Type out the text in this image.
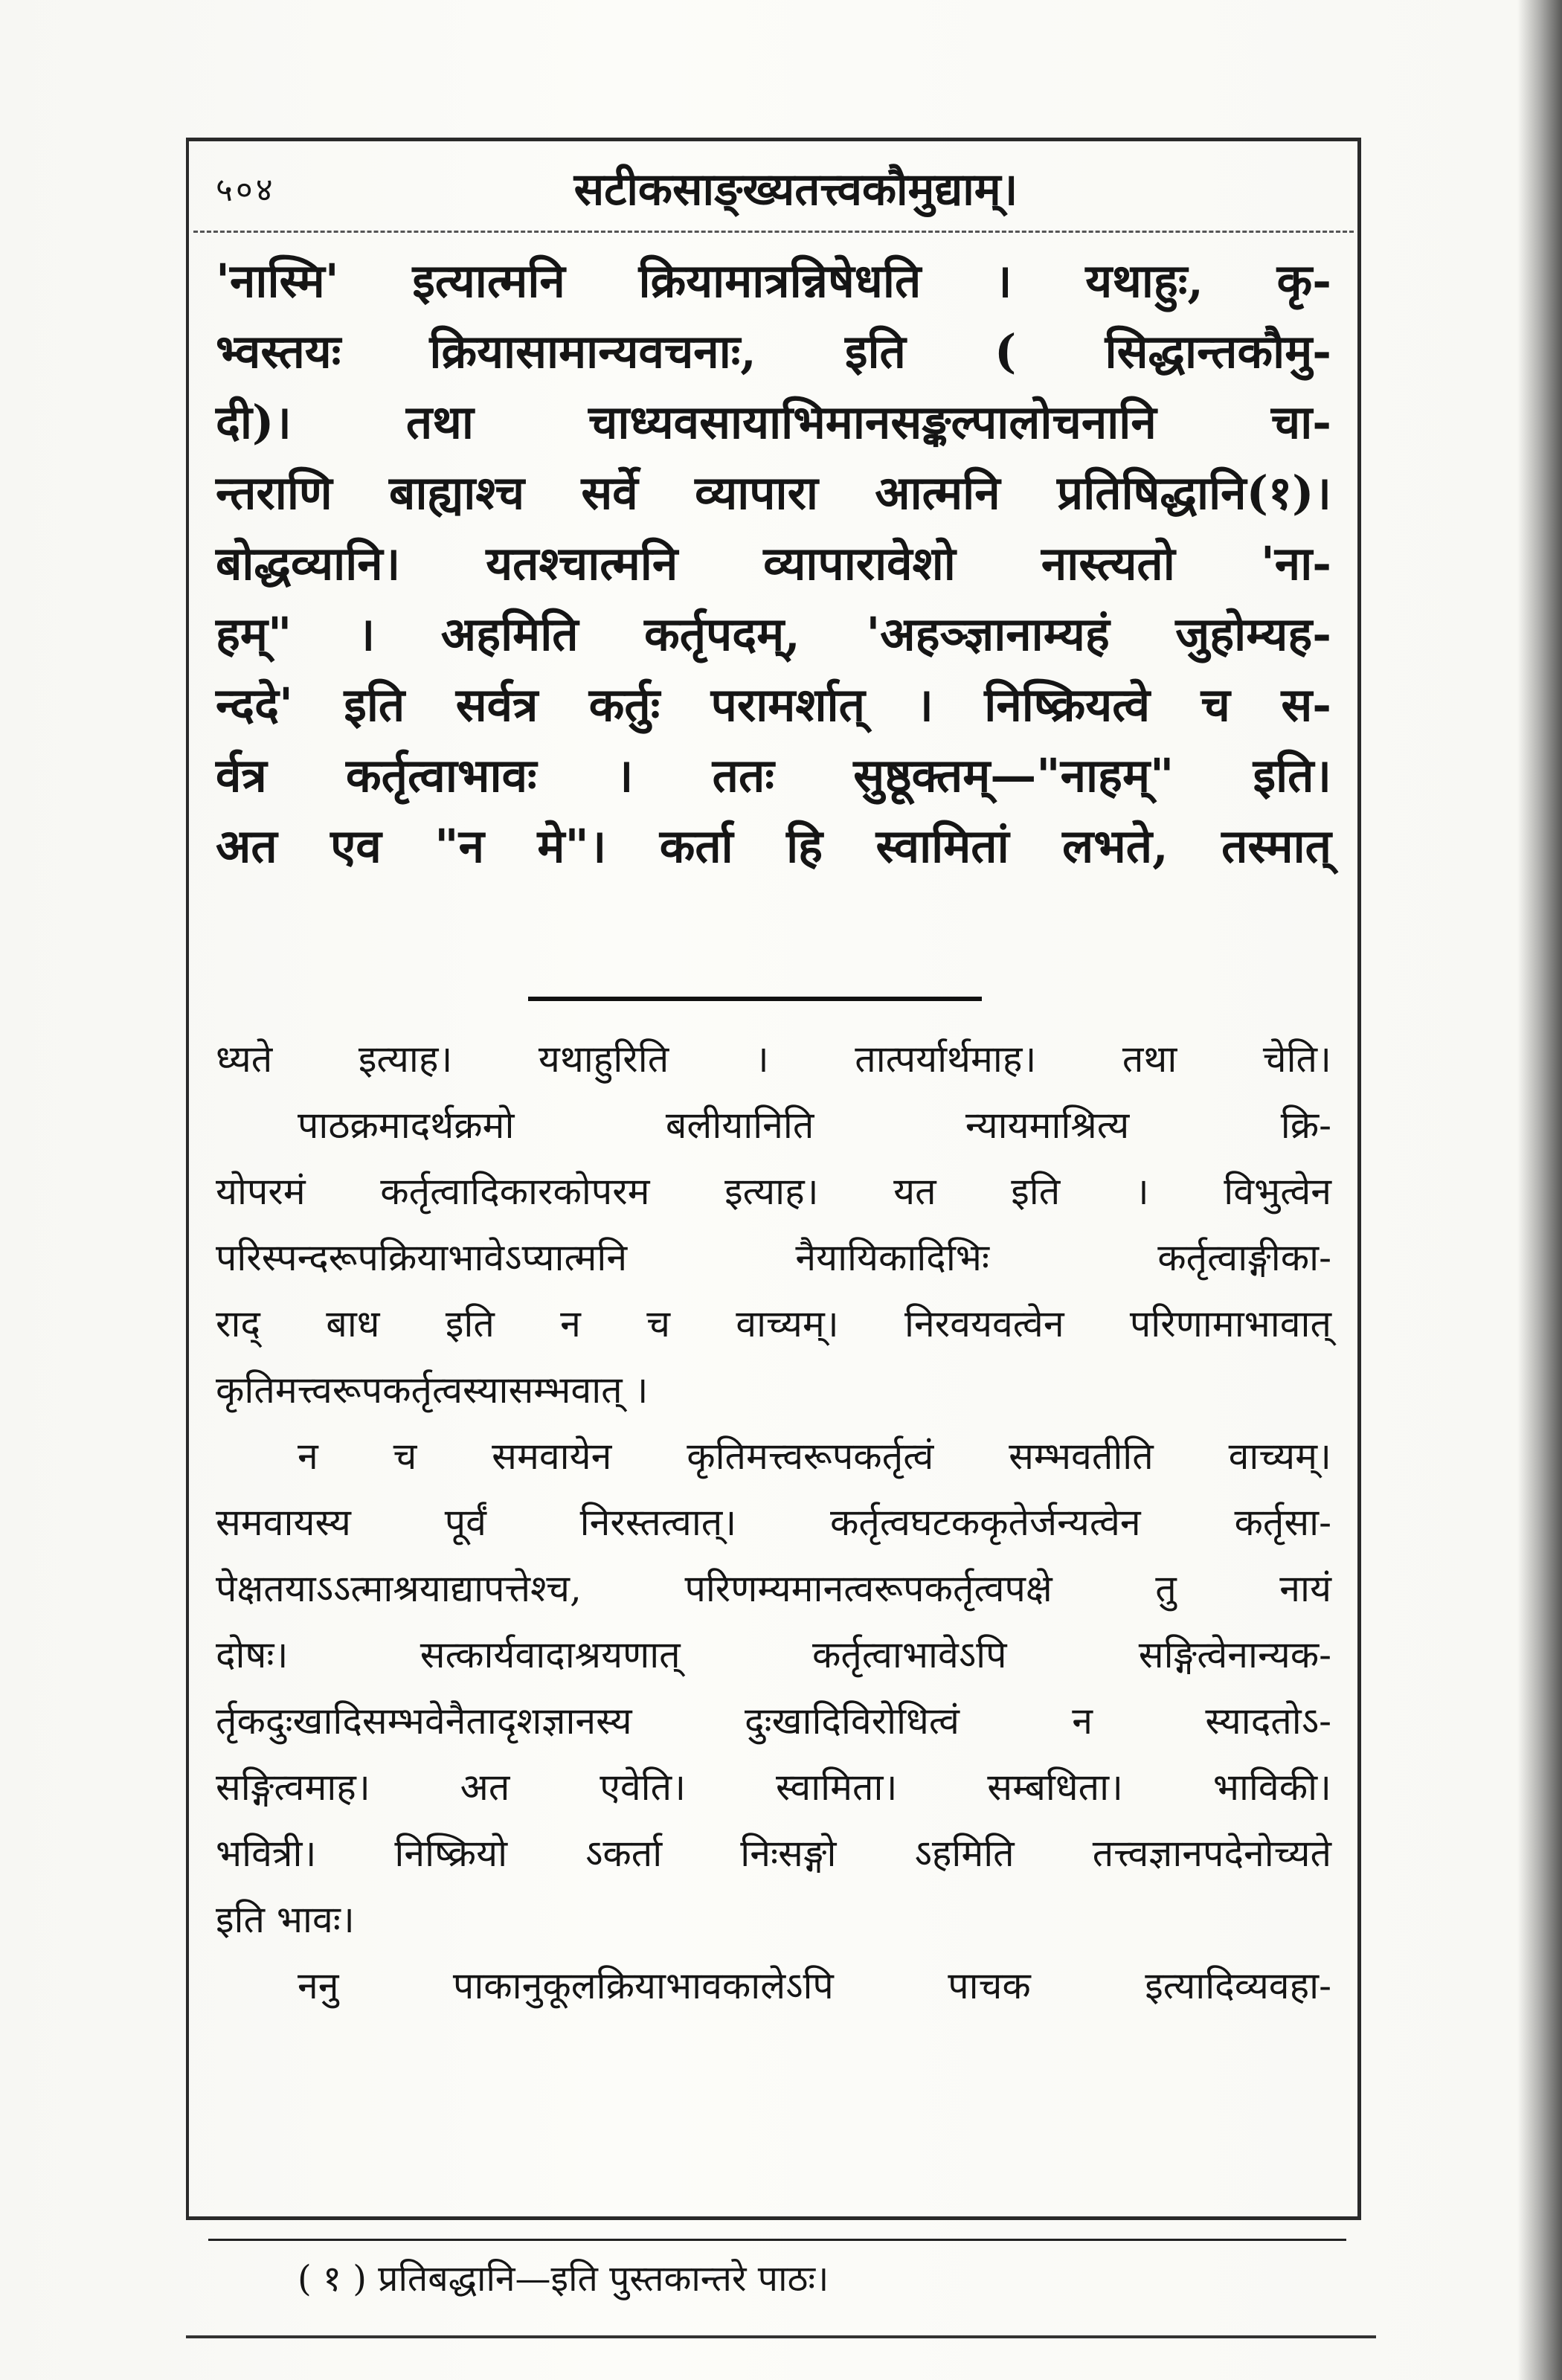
५०४	सटीकसाङ्ख्यतत्त्वकौमुद्याम्।
'नास्मि' इत्यात्मनि क्रियामात्रन्निषेधति । यथाहुः, कृ-
भ्वस्तयः क्रियासामान्यवचनाः, इति ( सिद्धान्तकौमु-
दी)। तथा चाध्यवसायाभिमानसङ्कल्पालोचनानि चा-
न्तराणि बाह्याश्च सर्वे व्यापारा आत्मनि प्रतिषिद्धानि(१)।
बोद्धव्यानि। यतश्चात्मनि व्यापारावेशो नास्त्यतो 'ना-
हम्" । अहमिति कर्तृपदम्, 'अहञ्ज्ञानाम्यहं जुहोम्यह-
न्ददे' इति सर्वत्र कर्तुः परामर्शात् । निष्क्रियत्वे च स-
र्वत्र कर्तृत्वाभावः । ततः सुष्ठूक्तम्—"नाहम्" इति।
अत एव "न मे"। कर्ता हि स्वामितां लभते, तस्मात्
ध्यते इत्याह। यथाहुरिति । तात्पर्यार्थमाह। तथा चेति।
पाठक्रमादर्थक्रमो बलीयानिति न्यायमाश्रित्य क्रि-
योपरमं कर्तृत्वादिकारकोपरम इत्याह। यत इति । विभुत्वेन
परिस्पन्दरूपक्रियाभावेऽप्यात्मनि नैयायिकादिभिः कर्तृत्वाङ्गीका-
राद् बाध इति न च वाच्यम्। निरवयवत्वेन परिणामाभावात्
कृतिमत्त्वरूपकर्तृत्वस्यासम्भवात् ।
न च समवायेन कृतिमत्त्वरूपकर्तृत्वं सम्भवतीति वाच्यम्।
समवायस्य पूर्वं निरस्तत्वात्। कर्तृत्वघटककृतेर्जन्यत्वेन कर्तृसा-
पेक्षतयाऽऽत्माश्रयाद्यापत्तेश्च, परिणम्यमानत्वरूपकर्तृत्वपक्षे तु नायं
दोषः। सत्कार्यवादाश्रयणात् कर्तृत्वाभावेऽपि सङ्गित्वेनान्यक-
र्तृकदुःखादिसम्भवेनैतादृशज्ञानस्य दुःखादिविरोधित्वं न स्यादतोऽ-
सङ्गित्वमाह। अत एवेति। स्वामिता। सम्बधिता। भाविकी।
भवित्री। निष्क्रियो ऽकर्ता निःसङ्गो ऽहमिति तत्त्वज्ञानपदेनोच्यते
इति भावः।
ननु पाकानुकूलक्रियाभावकालेऽपि पाचक इत्यादिव्यवहा-
( १ ) प्रतिबद्धानि—इति पुस्तकान्तरे पाठः।
